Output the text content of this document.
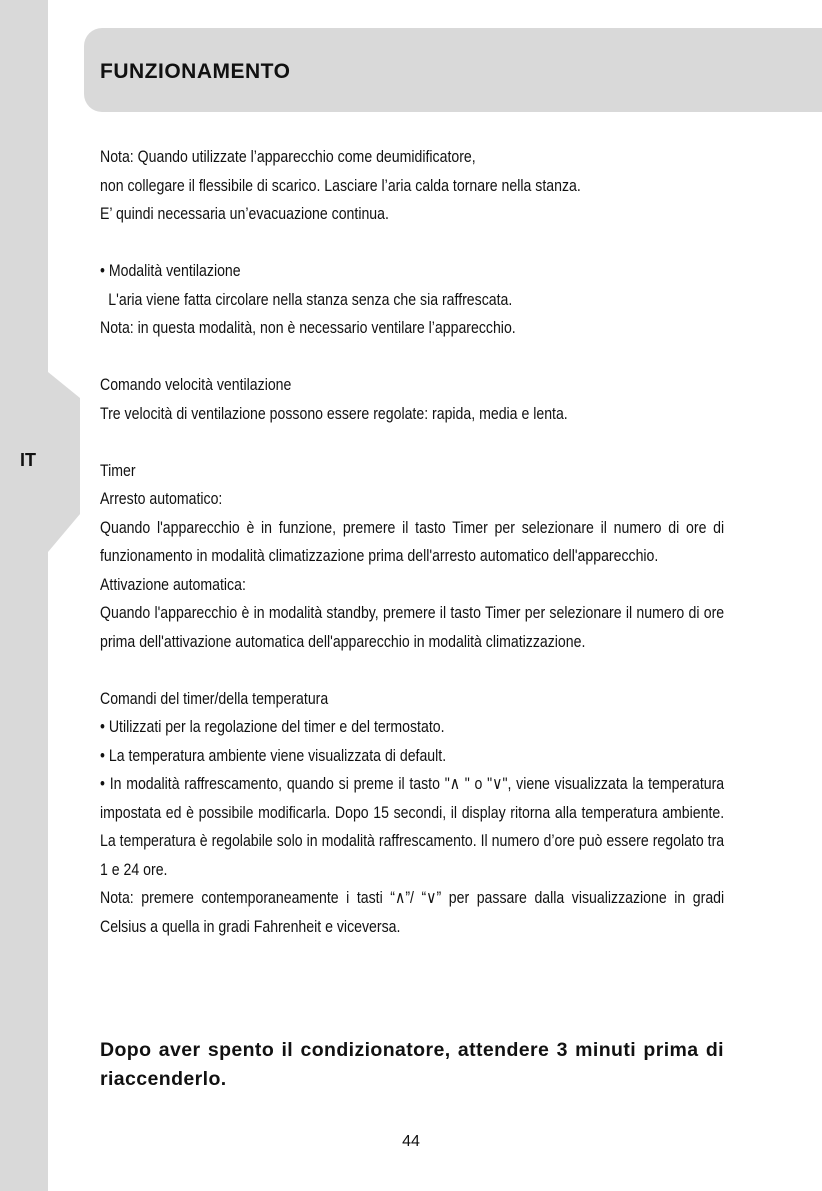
IT
FUNZIONAMENTO

Nota: Quando utilizzate l’apparecchio come deumidificatore,

non collegare il flessibile di scarico. Lasciare l’aria calda tornare nella stanza.

E’ quindi necessaria un’evacuazione continua.

• Modalità ventilazione

L'aria viene fatta circolare nella stanza senza che sia raffrescata.

Nota: in questa modalità, non è necessario ventilare l’apparecchio.

Comando velocità ventilazione

Tre velocità di ventilazione possono essere regolate: rapida, media e lenta.

Timer

Arresto automatico:

Quando l'apparecchio è in funzione, premere il tasto Timer per selezionare il numero di ore di funzionamento in modalità climatizzazione prima dell'arresto automatico dell'apparecchio.

Attivazione automatica:

Quando l'apparecchio è in modalità standby, premere il tasto Timer per selezionare il numero di ore prima dell'attivazione automatica dell'apparecchio in modalità climatizzazione.

Comandi del timer/della temperatura

• Utilizzati per la regolazione del timer e del termostato.

• La temperatura ambiente viene visualizzata di default.

• In modalità raffrescamento, quando si preme il tasto "∧ " o "∨", viene visualizzata la temperatura impostata ed è possibile modificarla. Dopo 15 secondi, il display ritorna alla temperatura ambiente. La temperatura è regolabile solo in modalità raffrescamento. Il numero d’ore può essere regolato tra 1 e 24 ore.

Nota: premere contemporaneamente i tasti “∧”/ “∨” per passare dalla visualizzazione in gradi Celsius a quella in gradi Fahrenheit e viceversa.

Dopo aver spento il condizionatore, attendere 3 minuti prima di riaccenderlo.
44
